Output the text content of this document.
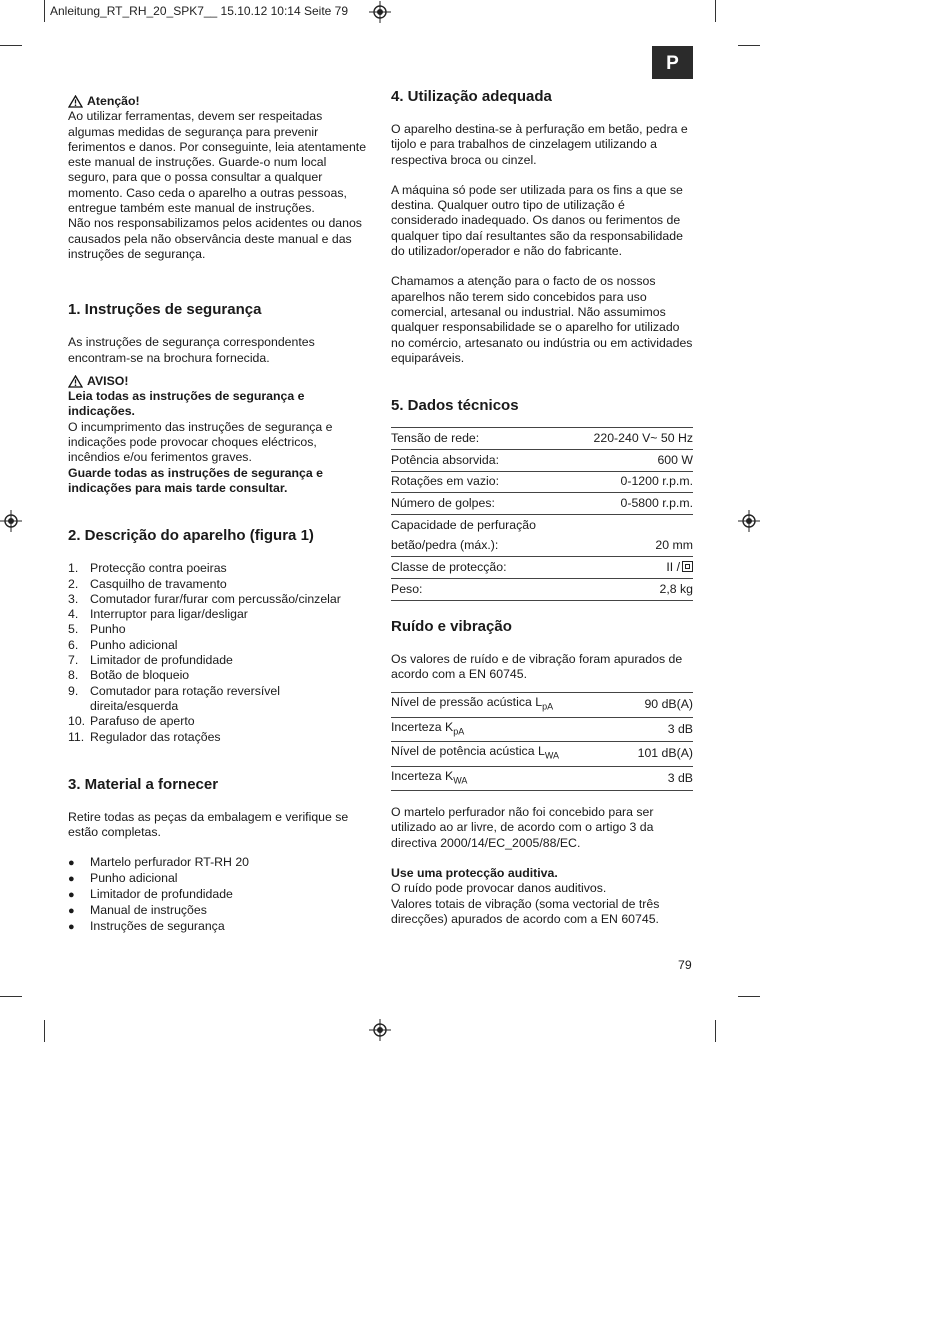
Anleitung_RT_RH_20_SPK7__ 15.10.12 10:14 Seite 79
P

Atenção!

Ao utilizar ferramentas, devem ser respeitadas algumas medidas de segurança para prevenir ferimentos e danos. Por conseguinte, leia atentamente este manual de instruções. Guarde-o num local seguro, para que o possa consultar a qualquer momento. Caso ceda o aparelho a outras pessoas, entregue também este manual de instruções.

Não nos responsabilizamos pelos acidentes ou danos causados pela não observância deste manual e das instruções de segurança.

1. Instruções de segurança

As instruções de segurança correspondentes encontram-se na brochura fornecida.

AVISO!

Leia todas as instruções de segurança e indicações.

O incumprimento das instruções de segurança e indicações pode provocar choques eléctricos, incêndios e/ou ferimentos graves.

Guarde todas as instruções de segurança e indicações para mais tarde consultar.

2. Descrição do aparelho (figura 1)
1. Protecção contra poeiras
2. Casquilho de travamento
3. Comutador furar/furar com percussão/cinzelar
4. Interruptor para ligar/desligar
5. Punho
6. Punho adicional
7. Limitador de profundidade
8. Botão de bloqueio
9. Comutador para rotação reversível direita/esquerda
10. Parafuso de aperto
11. Regulador das rotações
3. Material a fornecer

Retire todas as peças da embalagem e verifique se estão completas.

●	Martelo perfurador RT-RH 20
●	Punho adicional
●	Limitador de profundidade
●	Manual de instruções
●	Instruções de segurança
4. Utilização adequada

O aparelho destina-se à perfuração em betão, pedra e tijolo e para trabalhos de cinzelagem utilizando a respectiva broca ou cinzel.

A máquina só pode ser utilizada para os fins a que se destina. Qualquer outro tipo de utilização é considerado inadequado. Os danos ou ferimentos de qualquer tipo daí resultantes são da responsabilidade do utilizador/operador e não do fabricante.

Chamamos a atenção para o facto de os nossos aparelhos não terem sido concebidos para uso comercial, artesanal ou industrial. Não assumimos qualquer responsabilidade se o aparelho for utilizado no comércio, artesanato ou indústria ou em actividades equiparáveis.

5. Dados técnicos
Tensão de rede:	220-240 V~ 50 Hz
Potência absorvida:	600 W
Rotações em vazio:	0-1200 r.p.m.
Número de golpes:	0-5800 r.p.m.
Capacidade de perfuração	
betão/pedra (máx.):	20 mm
Classe de protecção:	II /
Peso:	2,8 kg
Ruído e vibração

Os valores de ruído e de vibração foram apurados de acordo com a EN 60745.

Nível de pressão acústica $L_{pA}$	90 dB(A)
Incerteza $K_{pA}$	3 dB
Nível de potência acústica $L_{WA}$	101 dB(A)
Incerteza $K_{WA}$	3 dB

O martelo perfurador não foi concebido para ser utilizado ao ar livre, de acordo com o artigo 3 da directiva 2000/14/EC_2005/88/EC.

Use uma protecção auditiva.

O ruído pode provocar danos auditivos.

Valores totais de vibração (soma vectorial de três direcções) apurados de acordo com a EN 60745.

79
